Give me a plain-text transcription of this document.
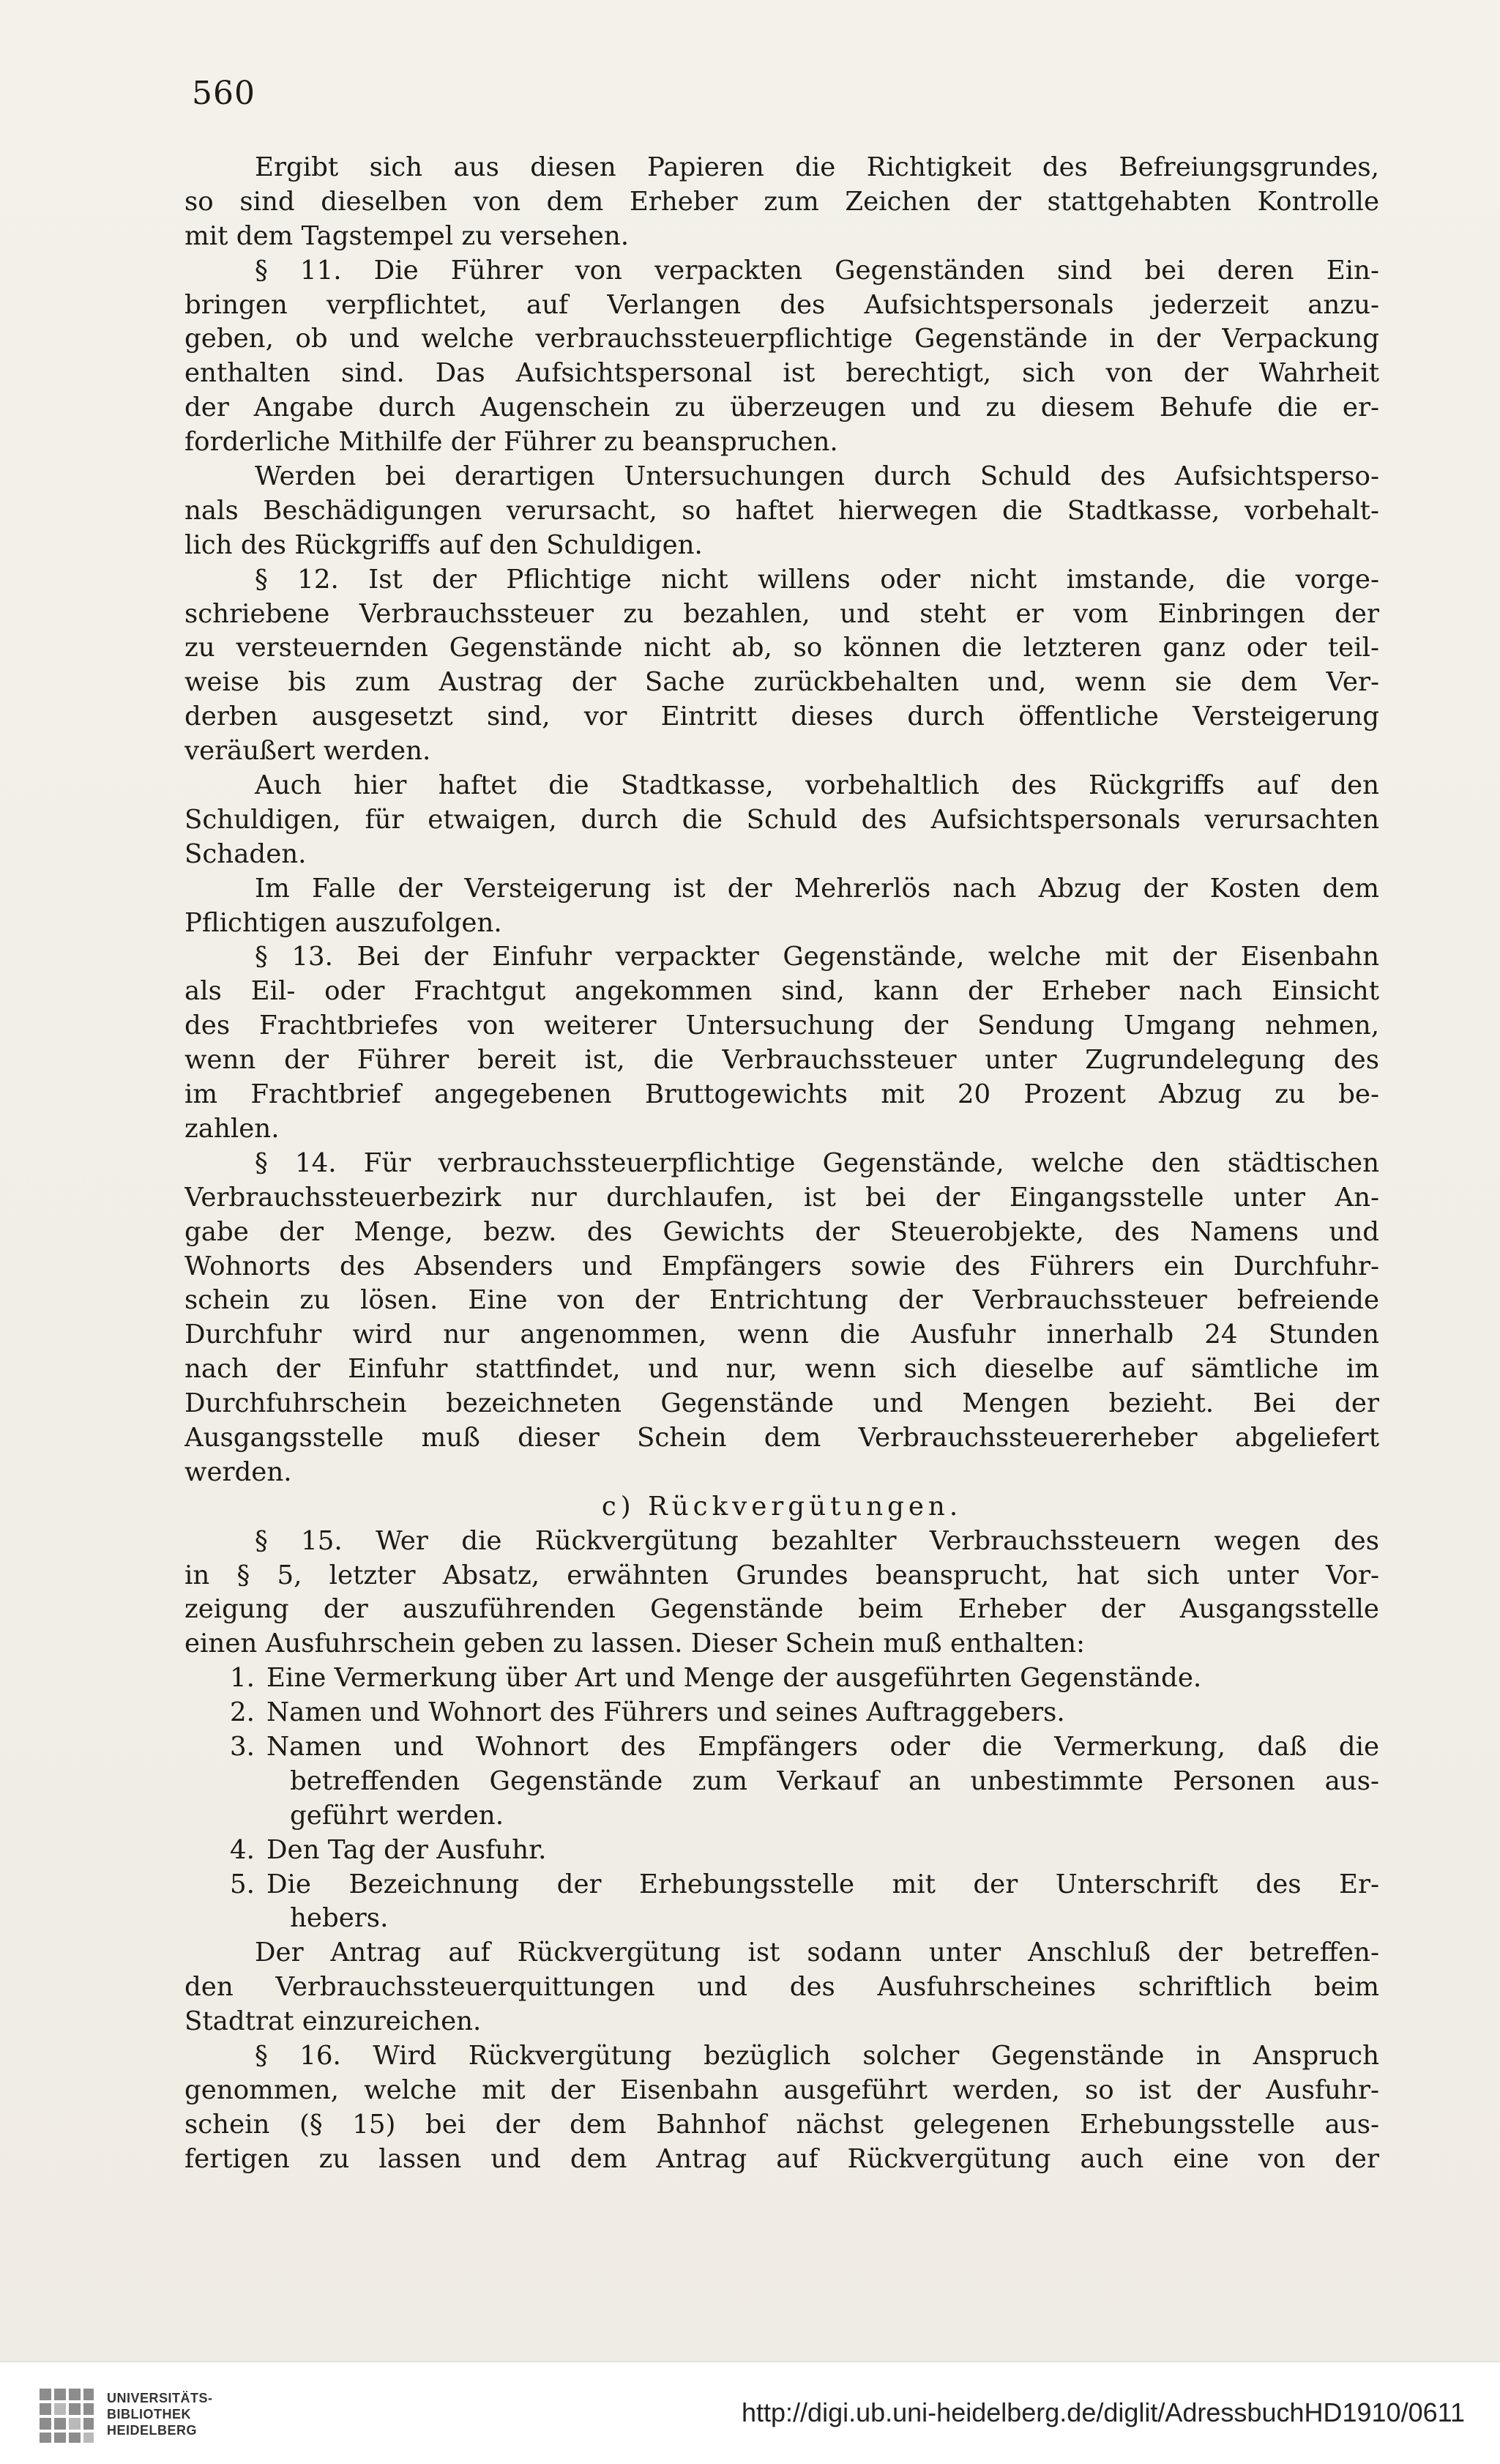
560
Ergibt sich aus diesen Papieren die Richtigkeit des Befreiungsgrundes,
so sind dieselben von dem Erheber zum Zeichen der stattgehabten Kontrolle
mit dem Tagstempel zu versehen.
§ 11. Die Führer von verpackten Gegenständen sind bei deren Ein-
bringen verpflichtet, auf Verlangen des Aufsichtspersonals jederzeit anzu-
geben, ob und welche verbrauchssteuerpflichtige Gegenstände in der Verpackung
enthalten sind. Das Aufsichtspersonal ist berechtigt, sich von der Wahrheit
der Angabe durch Augenschein zu überzeugen und zu diesem Behufe die er-
forderliche Mithilfe der Führer zu beanspruchen.
Werden bei derartigen Untersuchungen durch Schuld des Aufsichtsperso-
nals Beschädigungen verursacht, so haftet hierwegen die Stadtkasse, vorbehalt-
lich des Rückgriffs auf den Schuldigen.
§ 12. Ist der Pflichtige nicht willens oder nicht imstande, die vorge-
schriebene Verbrauchssteuer zu bezahlen, und steht er vom Einbringen der
zu versteuernden Gegenstände nicht ab, so können die letzteren ganz oder teil-
weise bis zum Austrag der Sache zurückbehalten und, wenn sie dem Ver-
derben ausgesetzt sind, vor Eintritt dieses durch öffentliche Versteigerung
veräußert werden.
Auch hier haftet die Stadtkasse, vorbehaltlich des Rückgriffs auf den
Schuldigen, für etwaigen, durch die Schuld des Aufsichtspersonals verursachten
Schaden.
Im Falle der Versteigerung ist der Mehrerlös nach Abzug der Kosten dem
Pflichtigen auszufolgen.
§ 13. Bei der Einfuhr verpackter Gegenstände, welche mit der Eisenbahn
als Eil- oder Frachtgut angekommen sind, kann der Erheber nach Einsicht
des Frachtbriefes von weiterer Untersuchung der Sendung Umgang nehmen,
wenn der Führer bereit ist, die Verbrauchssteuer unter Zugrundelegung des
im Frachtbrief angegebenen Bruttogewichts mit 20 Prozent Abzug zu be-
zahlen.
§ 14. Für verbrauchssteuerpflichtige Gegenstände, welche den städtischen
Verbrauchssteuerbezirk nur durchlaufen, ist bei der Eingangsstelle unter An-
gabe der Menge, bezw. des Gewichts der Steuerobjekte, des Namens und
Wohnorts des Absenders und Empfängers sowie des Führers ein Durchfuhr-
schein zu lösen. Eine von der Entrichtung der Verbrauchssteuer befreiende
Durchfuhr wird nur angenommen, wenn die Ausfuhr innerhalb 24 Stunden
nach der Einfuhr stattfindet, und nur, wenn sich dieselbe auf sämtliche im
Durchfuhrschein bezeichneten Gegenstände und Mengen bezieht. Bei der
Ausgangsstelle muß dieser Schein dem Verbrauchssteuererheber abgeliefert
werden.
c) Rückvergütungen.
§ 15. Wer die Rückvergütung bezahlter Verbrauchssteuern wegen des
in § 5, letzter Absatz, erwähnten Grundes beansprucht, hat sich unter Vor-
zeigung der auszuführenden Gegenstände beim Erheber der Ausgangsstelle
einen Ausfuhrschein geben zu lassen. Dieser Schein muß enthalten:
1. Eine Vermerkung über Art und Menge der ausgeführten Gegenstände.
2. Namen und Wohnort des Führers und seines Auftraggebers.
3. Namen und Wohnort des Empfängers oder die Vermerkung, daß die
betreffenden Gegenstände zum Verkauf an unbestimmte Personen aus-
geführt werden.
4. Den Tag der Ausfuhr.
5. Die Bezeichnung der Erhebungsstelle mit der Unterschrift des Er-
hebers.
Der Antrag auf Rückvergütung ist sodann unter Anschluß der betreffen-
den Verbrauchssteuerquittungen und des Ausfuhrscheines schriftlich beim
Stadtrat einzureichen.
§ 16. Wird Rückvergütung bezüglich solcher Gegenstände in Anspruch
genommen, welche mit der Eisenbahn ausgeführt werden, so ist der Ausfuhr-
schein (§ 15) bei der dem Bahnhof nächst gelegenen Erhebungsstelle aus-
fertigen zu lassen und dem Antrag auf Rückvergütung auch eine von der
UNIVERSITÄTS-
BIBLIOTHEK
HEIDELBERG
http://digi.ub.uni-heidelberg.de/diglit/AdressbuchHD1910/0611
